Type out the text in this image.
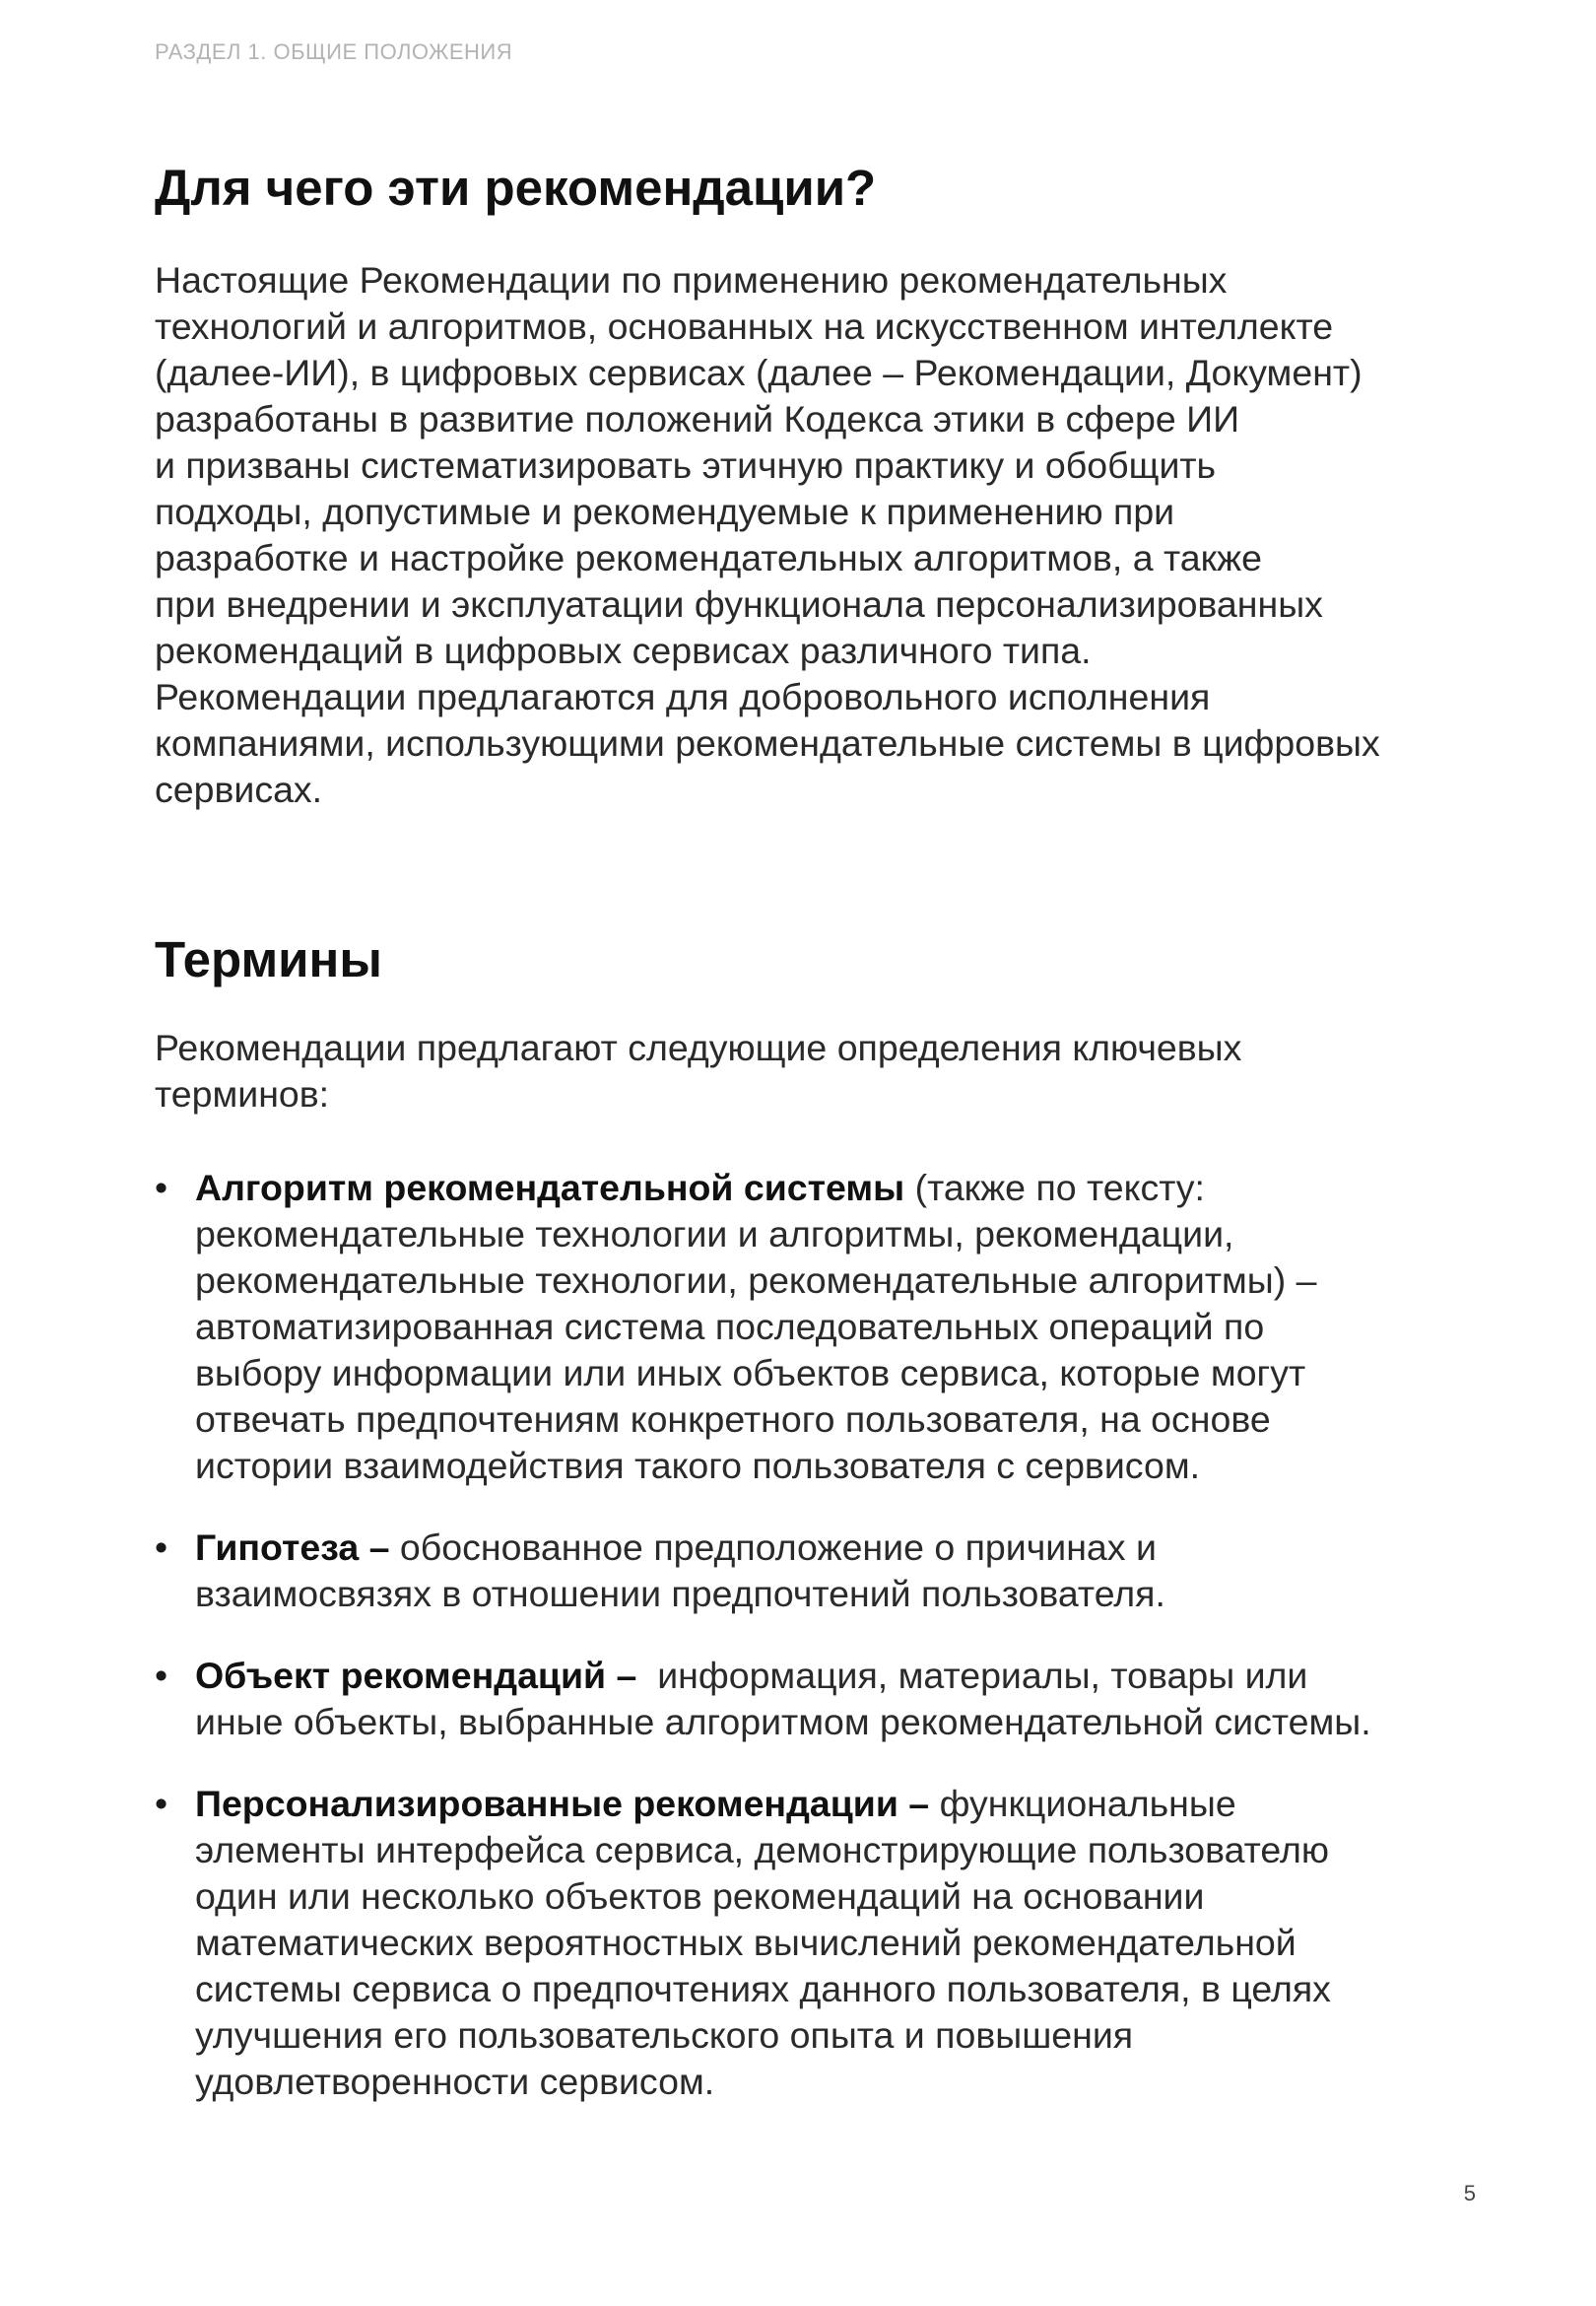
РАЗДЕЛ 1. ОБЩИЕ ПОЛОЖЕНИЯ
Для чего эти рекомендации?

Настоящие Рекомендации по применению рекомендательных
технологий и алгоритмов, основанных на искусственном интеллекте
(далее-ИИ), в цифровых сервисах (далее – Рекомендации, Документ)
разработаны в развитие положений Кодекса этики в сфере ИИ
и призваны систематизировать этичную практику и обобщить
подходы, допустимые и рекомендуемые к применению при
разработке и настройке рекомендательных алгоритмов, а также
при внедрении и эксплуатации функционала персонализированных
рекомендаций в цифровых сервисах различного типа.
Рекомендации предлагаются для добровольного исполнения
компаниями, использующими рекомендательные системы в цифровых
сервисах.

Термины

Рекомендации предлагают следующие определения ключевых
терминов:

• Алгоритм рекомендательной системы (также по тексту:
рекомендательные технологии и алгоритмы, рекомендации,
рекомендательные технологии, рекомендательные алгоритмы) –
автоматизированная система последовательных операций по
выбору информации или иных объектов сервиса, которые могут
отвечать предпочтениям конкретного пользователя, на основе
истории взаимодействия такого пользователя с сервисом.
• Гипотеза – обоснованное предположение о причинах и
взаимосвязях в отношении предпочтений пользователя.
• Объект рекомендаций –  информация, материалы, товары или
иные объекты, выбранные алгоритмом рекомендательной системы.
• Персонализированные рекомендации – функциональные
элементы интерфейса сервиса, демонстрирующие пользователю
один или несколько объектов рекомендаций на основании
математических вероятностных вычислений рекомендательной
системы сервиса о предпочтениях данного пользователя, в целях
улучшения его пользовательского опыта и повышения
удовлетворенности сервисом.
5
